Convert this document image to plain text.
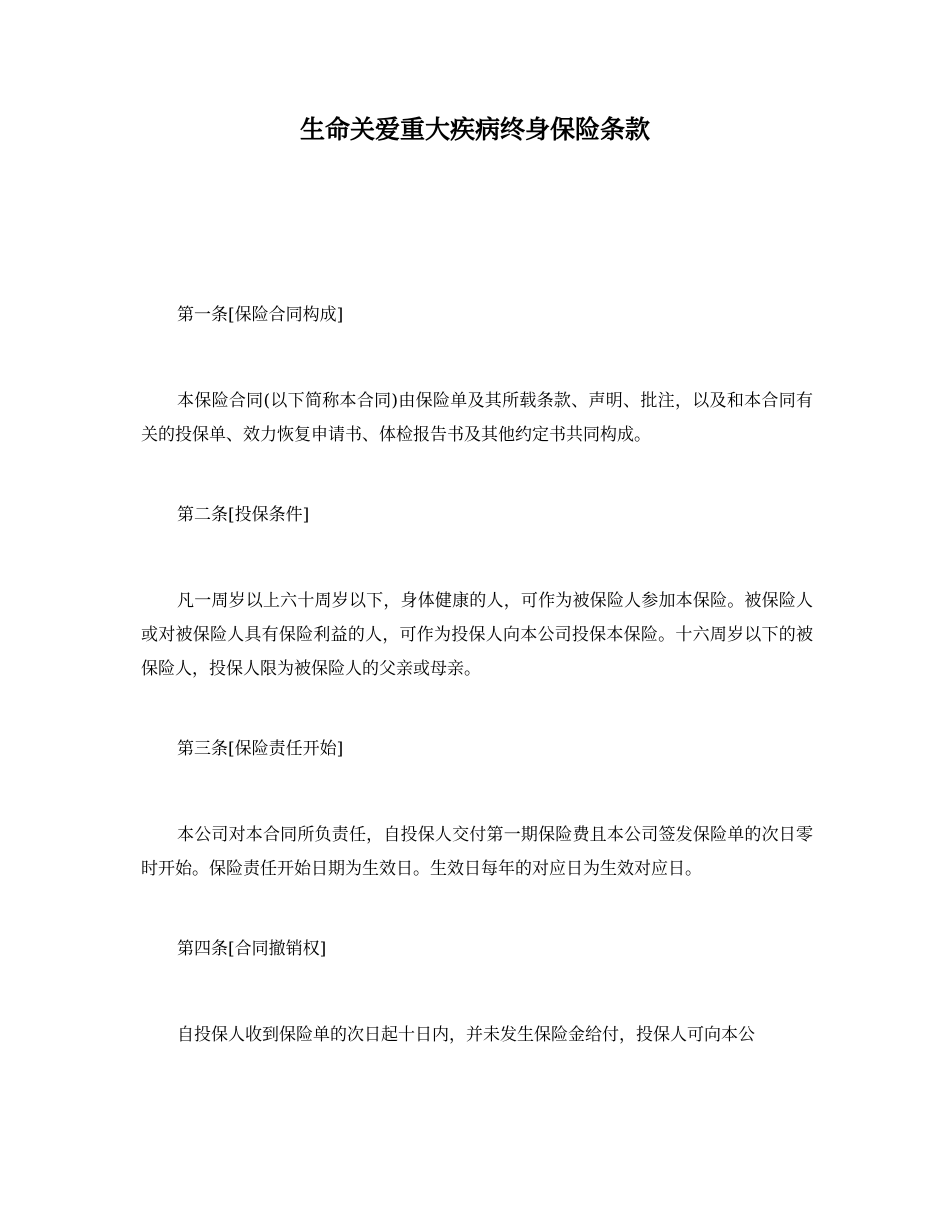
生命关爱重大疾病终身保险条款

第一条[保险合同构成]

本保险合同(以下简称本合同)由保险单及其所载条款、声明、批注，以及和本合同有关的投保单、效力恢复申请书、体检报告书及其他约定书共同构成。

第二条[投保条件]

凡一周岁以上六十周岁以下，身体健康的人，可作为被保险人参加本保险。被保险人或对被保险人具有保险利益的人，可作为投保人向本公司投保本保险。十六周岁以下的被保险人，投保人限为被保险人的父亲或母亲。

第三条[保险责任开始]

本公司对本合同所负责任，自投保人交付第一期保险费且本公司签发保险单的次日零时开始。保险责任开始日期为生效日。生效日每年的对应日为生效对应日。

第四条[合同撤销权]

自投保人收到保险单的次日起十日内，并未发生保险金给付，投保人可向本公
